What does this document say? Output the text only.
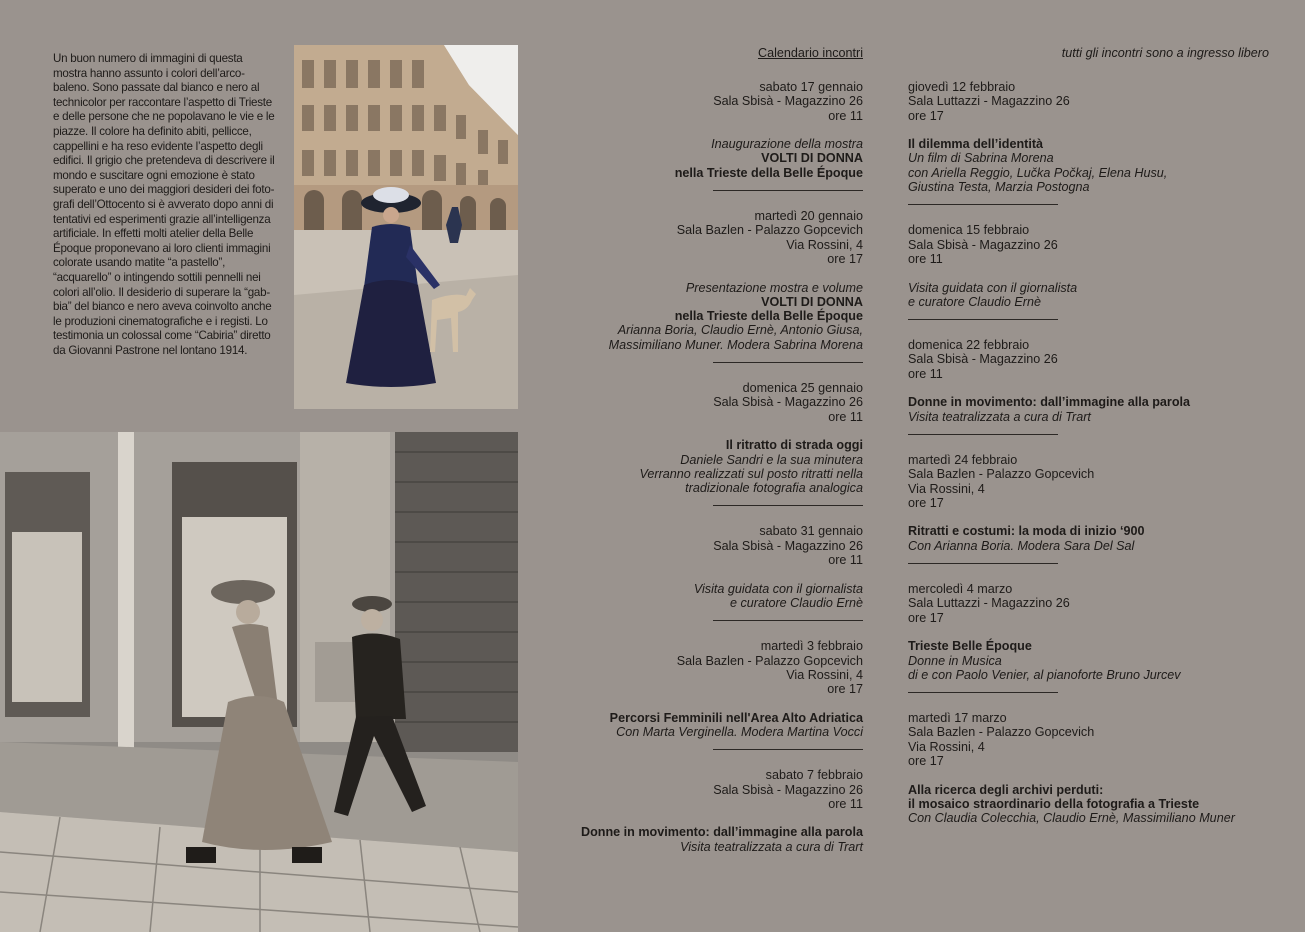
Un buon numero di immagini di questa mostra hanno assunto i colori dell’arcobaleno. Sono passate dal bianco e nero al technicolor per raccontare l’aspetto di Trieste e delle persone che ne popolavano le vie e le piazze. Il colore ha definito abiti, pellicce, cappellini e ha reso evidente l’aspetto degli edifici. Il grigio che pretendeva di descrivere il mondo e suscitare ogni emozione è stato superato e uno dei maggiori desideri dei fotografi dell’Ottocento si è avverato dopo anni di tentativi ed esperimenti grazie all’intelligenza artificiale. In effetti molti atelier della Belle Époque proponevano ai loro clienti immagini colorate usando matite “a pastello”, “acquarello” o intingendo sottili pennelli nei colori all’olio. Il desiderio di superare la “gabbia” del bianco e nero aveva coinvolto anche le produzioni cinematografiche e i registi. Lo testimonia un colossal come “Cabiria” diretto da Giovanni Pastrone nel lontano 1914.

Calendario incontri	tutti gli incontri sono a ingresso libero

sabato 17 gennaio

Sala Sbisà - Magazzino 26

ore 11

Inaugurazione della mostra

VOLTI DI DONNA

nella Trieste della Belle Époque

martedì 20 gennaio

Sala Bazlen - Palazzo Gopcevich

Via Rossini, 4

ore 17

Presentazione mostra e volume

VOLTI DI DONNA

nella Trieste della Belle Époque

Arianna Boria, Claudio Ernè, Antonio Giusa,

Massimiliano Muner. Modera Sabrina Morena

domenica 25 gennaio

Sala Sbisà - Magazzino 26

ore 11

Il ritratto di strada oggi

Daniele Sandri e la sua minutera

Verranno realizzati sul posto ritratti nella

tradizionale fotografia analogica

sabato 31 gennaio

Sala Sbisà - Magazzino 26

ore 11

Visita guidata con il giornalista

e curatore Claudio Ernè

martedì 3 febbraio

Sala Bazlen - Palazzo Gopcevich

Via Rossini, 4

ore 17

Percorsi Femminili nell'Area Alto Adriatica

Con Marta Verginella. Modera Martina Vocci

sabato 7 febbraio

Sala Sbisà - Magazzino 26

ore 11

Donne in movimento: dall’immagine alla parola

Visita teatralizzata a cura di Trart

giovedì 12 febbraio

Sala Luttazzi - Magazzino 26

ore 17

Il dilemma dell’identità

Un film di Sabrina Morena

con Ariella Reggio, Lučka Počkaj, Elena Husu,

Giustina Testa, Marzia Postogna

domenica 15 febbraio

Sala Sbisà - Magazzino 26

ore 11

Visita guidata con il giornalista

e curatore Claudio Ernè

domenica 22 febbraio

Sala Sbisà - Magazzino 26

ore 11

Donne in movimento: dall’immagine alla parola

Visita teatralizzata a cura di Trart

martedì 24 febbraio

Sala Bazlen - Palazzo Gopcevich

Via Rossini, 4

ore 17

Ritratti e costumi: la moda di inizio ‘900

Con Arianna Boria. Modera Sara Del Sal

mercoledì 4 marzo

Sala Luttazzi - Magazzino 26

ore 17

Trieste Belle Époque

Donne in Musica

di e con Paolo Venier, al pianoforte Bruno Jurcev

martedì 17 marzo

Sala Bazlen - Palazzo Gopcevich

Via Rossini, 4

ore 17

Alla ricerca degli archivi perduti:

il mosaico straordinario della fotografia a Trieste

Con Claudia Colecchia, Claudio Ernè, Massimiliano Muner
